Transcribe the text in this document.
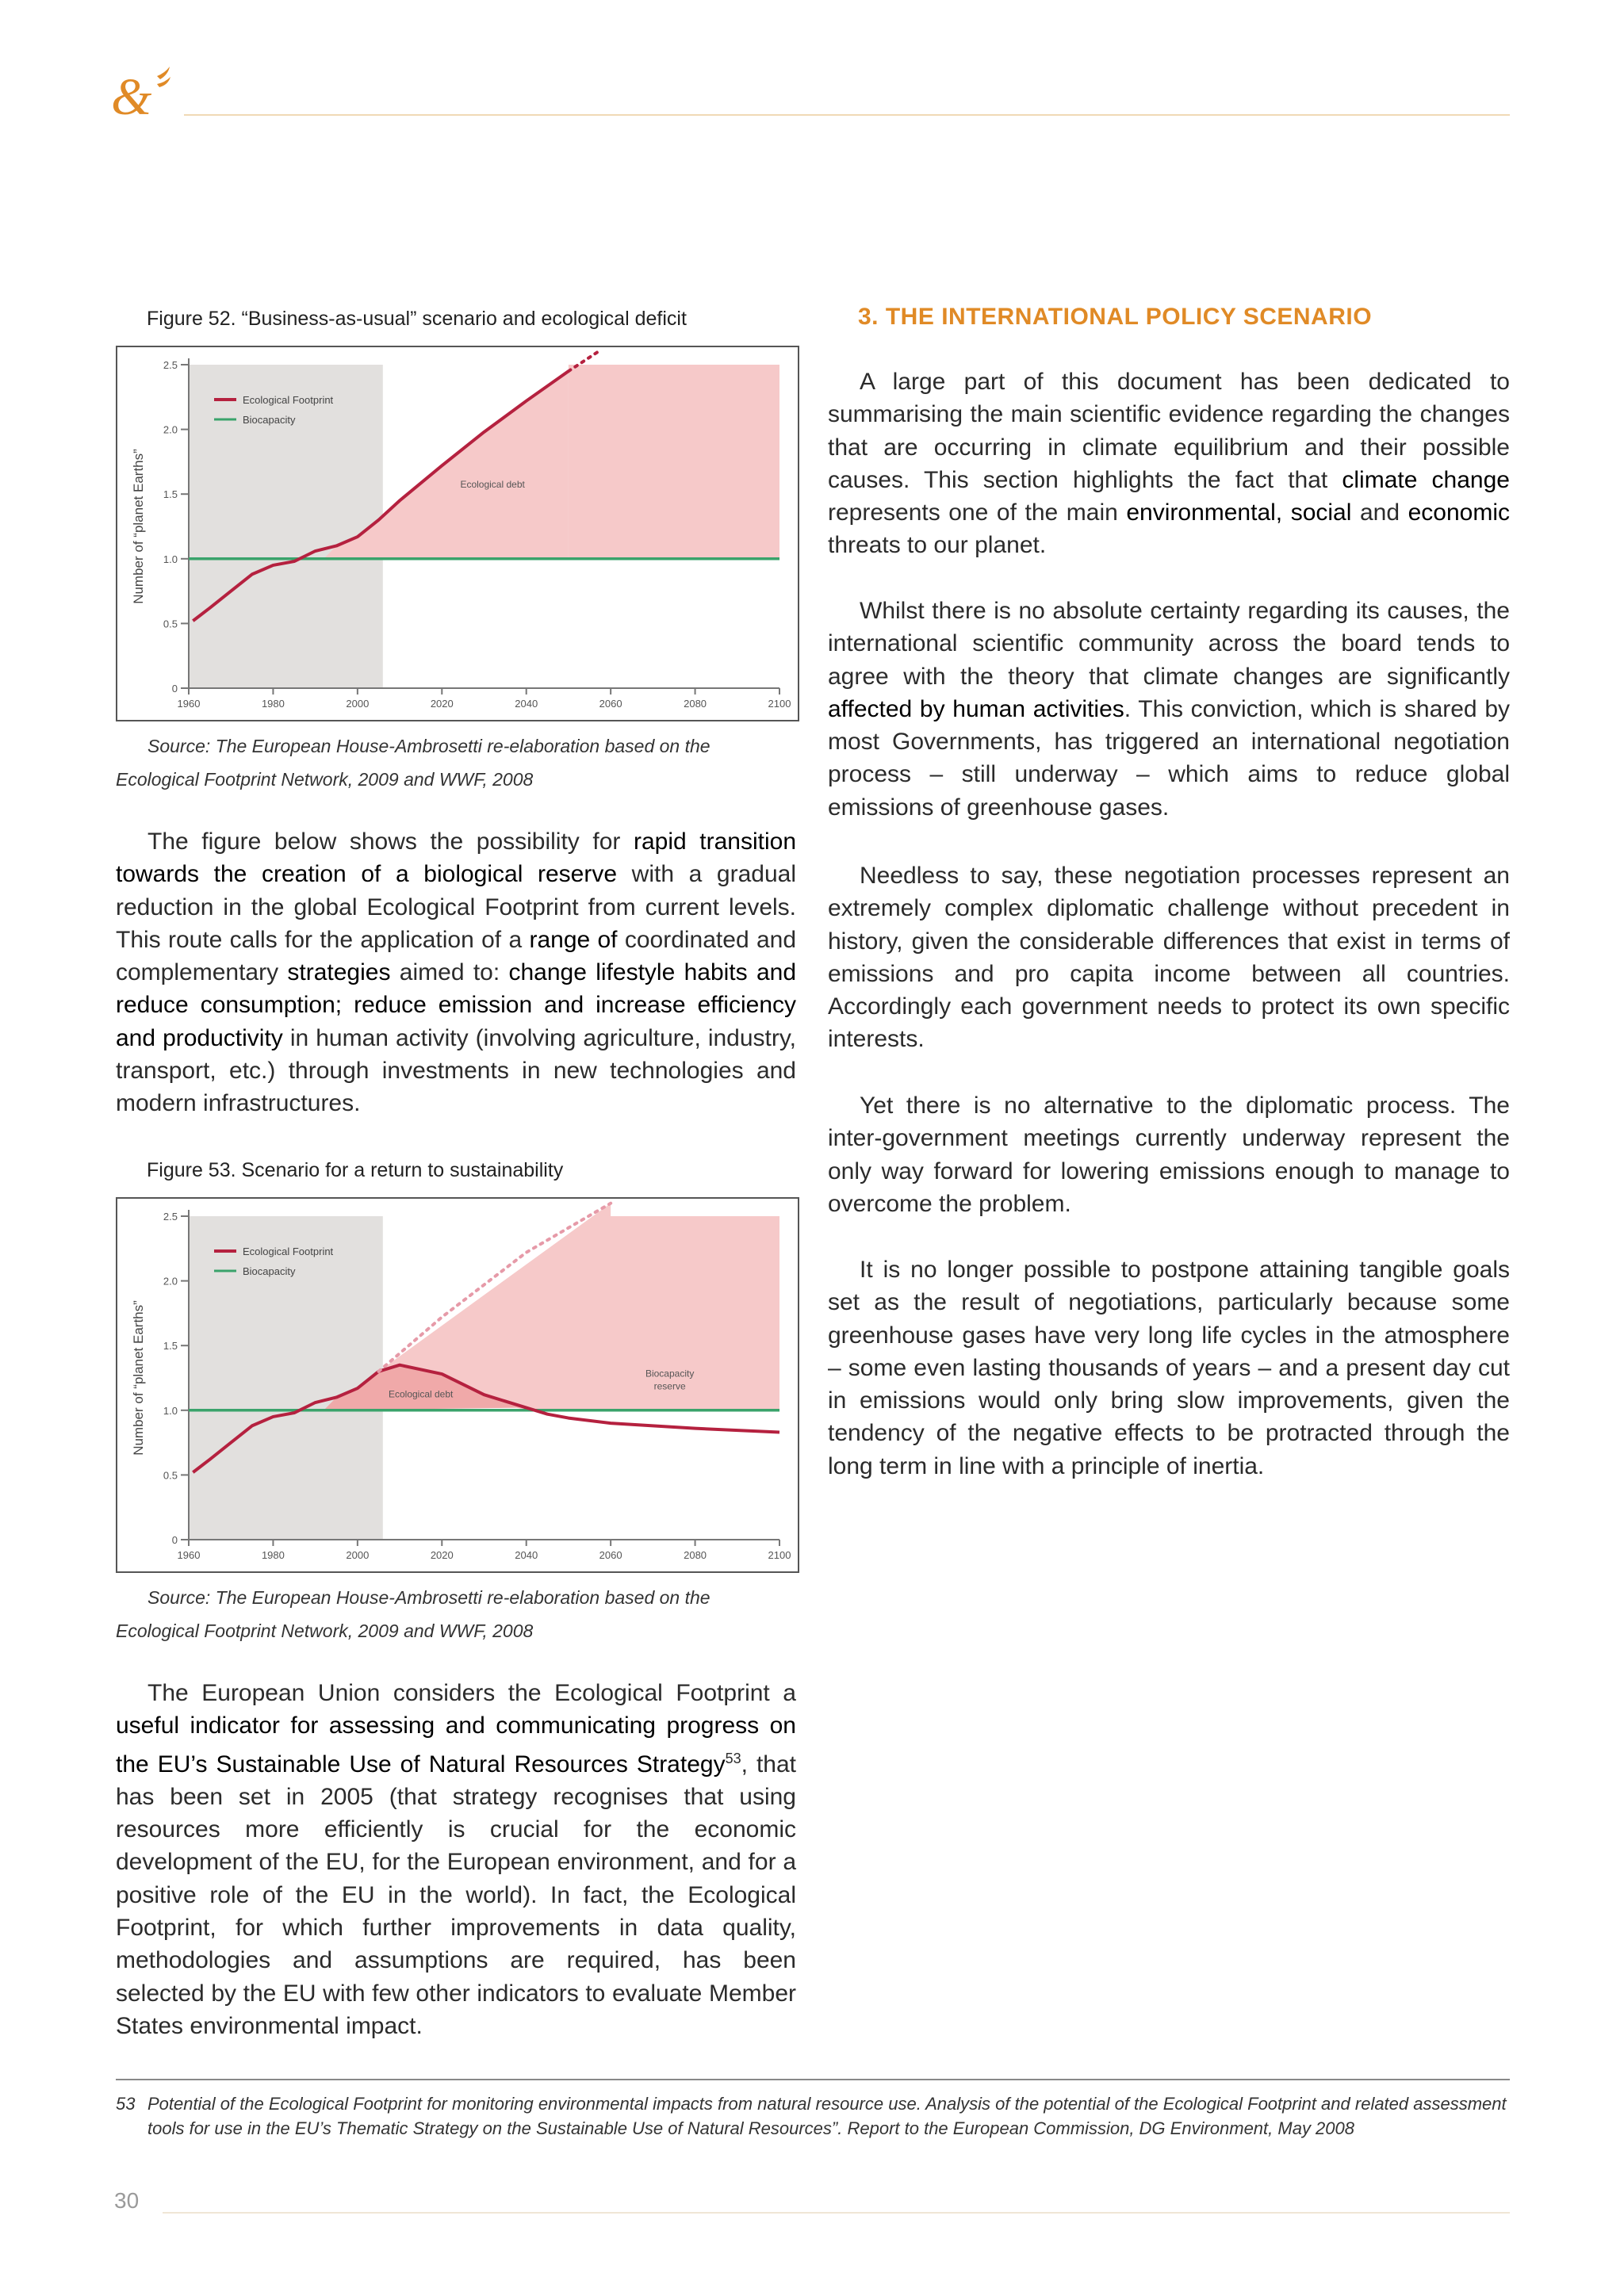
&
Figure 52. “Business-as-usual” scenario and ecological deficit
0
0.5
1.0
1.5
2.0
2.5
1960	1980	2000	2020	2040	2060	2080	2100
Number of “planet Earths”
Ecological Footprint
Biocapacity
Ecological debt
Source: The European House-Ambrosetti re-elaboration based on the Ecological Footprint Network, 2009 and WWF, 2008

The figure below shows the possibility for rapid transition towards the creation of a biological reserve with a gradual reduction in the global Ecological Footprint from current levels. This route calls for the application of a range of coordinated and complementary strategies aimed to: change lifestyle habits and reduce consumption; reduce emission and increase efficiency and productivity in human activity (involving agriculture, industry, transport, etc.) through investments in new technologies and modern infrastructures.

Figure 53. Scenario for a return to sustainability
0
0.5
1.0
1.5
2.0
2.5
1960	1980	2000	2020	2040	2060	2080	2100
Number of “planet Earths”
Ecological Footprint
Biocapacity
Ecological debt
Biocapacity reserve
Source: The European House-Ambrosetti re-elaboration based on the Ecological Footprint Network, 2009 and WWF, 2008

The European Union considers the Ecological Footprint a useful indicator for assessing and communicating progress on the EU’s Sustainable Use of Natural Resources Strategy$^{53}$, that has been set in 2005 (that strategy recognises that using resources more efficiently is crucial for the economic development of the EU, for the European environment, and for a positive role of the EU in the world). In fact, the Ecological Footprint, for which further improvements in data quality, methodologies and assumptions are required, has been selected by the EU with few other indicators to evaluate Member States environmental impact.

3. THE INTERNATIONAL POLICY SCENARIO

A large part of this document has been dedicated to summarising the main scientific evidence regarding the changes that are occurring in climate equilibrium and their possible causes. This section highlights the fact that climate change represents one of the main environmental, social and economic threats to our planet.

Whilst there is no absolute certainty regarding its causes, the international scientific community across the board tends to agree with the theory that climate changes are significantly affected by human activities. This conviction, which is shared by most Governments, has triggered an international negotiation process – still underway – which aims to reduce global emissions of greenhouse gases.

Needless to say, these negotiation processes represent an extremely complex diplomatic challenge without precedent in history, given the considerable differences that exist in terms of emissions and pro capita income between all countries. Accordingly each government needs to protect its own specific interests.

Yet there is no alternative to the diplomatic process. The inter-government meetings currently underway represent the only way forward for lowering emissions enough to manage to overcome the problem.

It is no longer possible to postpone attaining tangible goals set as the result of negotiations, particularly because some greenhouse gases have very long life cycles in the atmosphere – some even lasting thousands of years – and a present day cut in emissions would only bring slow improvements, given the tendency of the negative effects to be protracted through the long term in line with a principle of inertia.

53 Potential of the Ecological Footprint for monitoring environmental impacts from natural resource use. Analysis of the potential of the Ecological Footprint and related assessment tools for use in the EU’s Thematic Strategy on the Sustainable Use of Natural Resources”. Report to the European Commission, DG Environment, May 2008
30
